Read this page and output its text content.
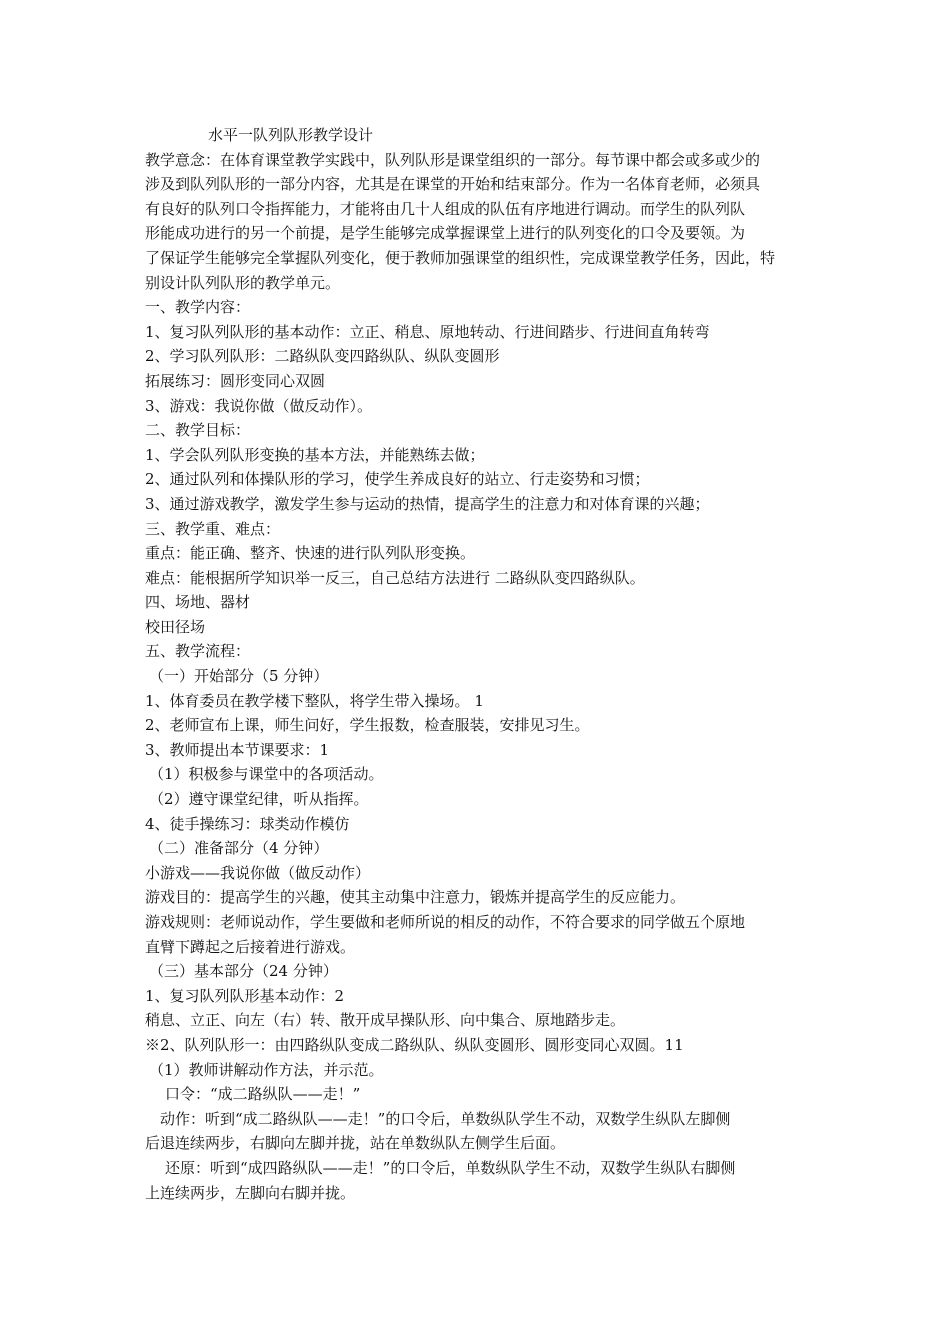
水平一队列队形教学设计
教学意念：在体育课堂教学实践中，队列队形是课堂组织的一部分。每节课中都会或多或少的
涉及到队列队形的一部分内容，尤其是在课堂的开始和结束部分。作为一名体育老师，必须具
有良好的队列口令指挥能力，才能将由几十人组成的队伍有序地进行调动。而学生的队列队
形能成功进行的另一个前提，是学生能够完成掌握课堂上进行的队列变化的口令及要领。为
了保证学生能够完全掌握队列变化，便于教师加强课堂的组织性，完成课堂教学任务，因此，特
别设计队列队形的教学单元。
一、教学内容：
1、复习队列队形的基本动作：立正、稍息、原地转动、行进间踏步、行进间直角转弯
2、学习队列队形：二路纵队变四路纵队、纵队变圆形
拓展练习：圆形变同心双圆
3、游戏：我说你做（做反动作）。
二、教学目标：
1、学会队列队形变换的基本方法，并能熟练去做；
2、通过队列和体操队形的学习，使学生养成良好的站立、行走姿势和习惯；
3、通过游戏教学，激发学生参与运动的热情，提高学生的注意力和对体育课的兴趣；
三、教学重、难点：
重点：能正确、整齐、快速的进行队列队形变换。
难点：能根据所学知识举一反三，自己总结方法进行 二路纵队变四路纵队。
四、场地、器材
校田径场
五、教学流程：
（一）开始部分（5 分钟）
1、体育委员在教学楼下整队，将学生带入操场。 1
2、老师宣布上课，师生问好，学生报数，检查服装，安排见习生。
3、教师提出本节课要求：1
（1）积极参与课堂中的各项活动。
（2）遵守课堂纪律，听从指挥。
4、徒手操练习：球类动作模仿
（二）准备部分（4 分钟）
小游戏——我说你做（做反动作）
游戏目的：提高学生的兴趣，使其主动集中注意力，锻炼并提高学生的反应能力。
游戏规则：老师说动作，学生要做和老师所说的相反的动作，不符合要求的同学做五个原地
直臂下蹲起之后接着进行游戏。
（三）基本部分（24 分钟）
1、复习队列队形基本动作：2
稍息、立正、向左（右）转、散开成早操队形、向中集合、原地踏步走。
※2、队列队形一：由四路纵队变成二路纵队、纵队变圆形、圆形变同心双圆。11
（1）教师讲解动作方法，并示范。
口令：“成二路纵队——走！”
动作：听到“成二路纵队——走！”的口令后，单数纵队学生不动，双数学生纵队左脚侧
后退连续两步，右脚向左脚并拢，站在单数纵队左侧学生后面。
还原：听到“成四路纵队——走！”的口令后，单数纵队学生不动，双数学生纵队右脚侧
上连续两步，左脚向右脚并拢。
